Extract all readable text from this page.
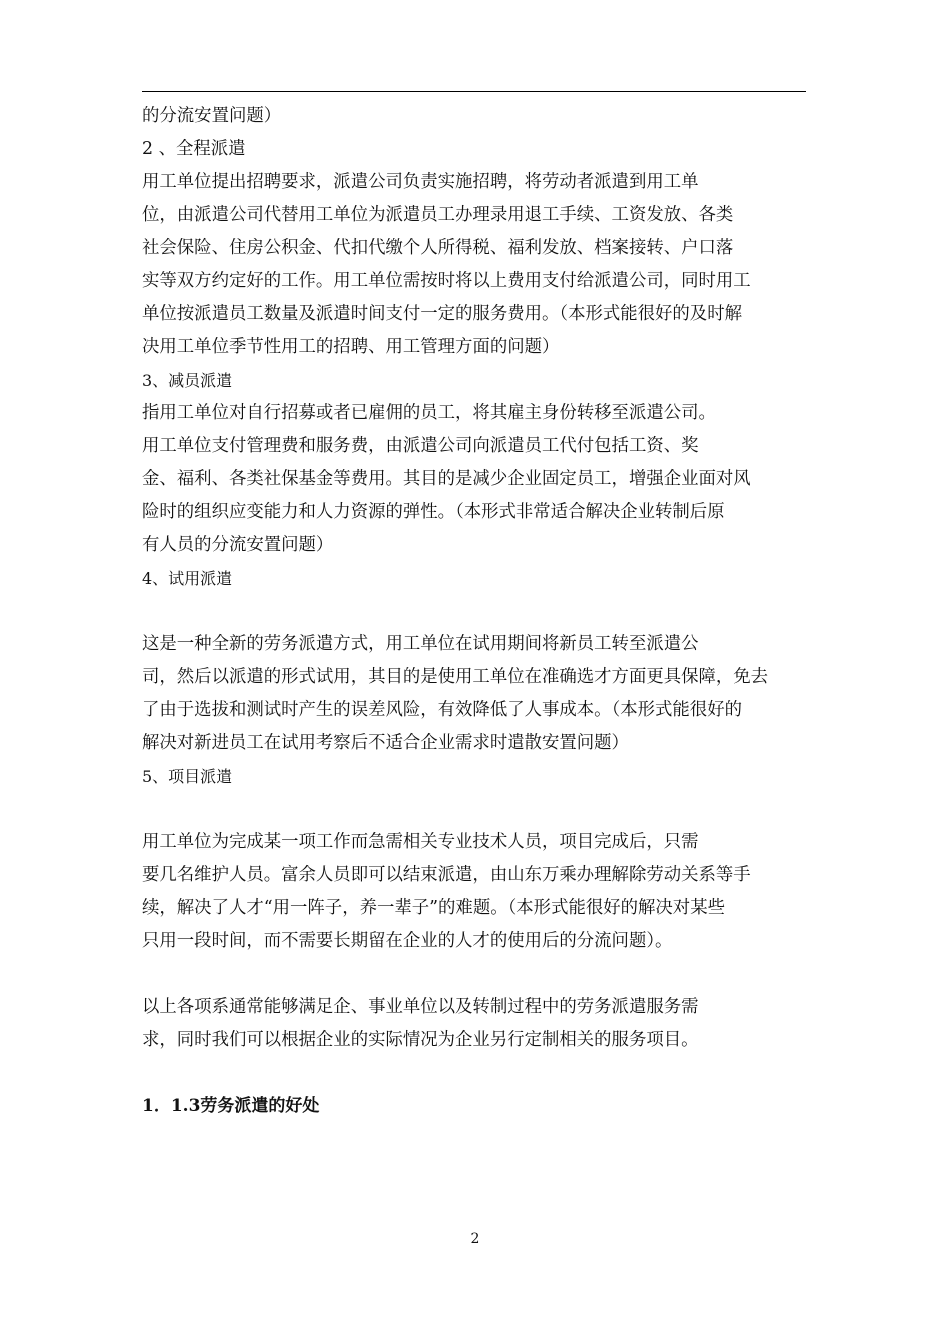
的分流安置问题）
2 、全程派遣
用工单位提出招聘要求，派遣公司负责实施招聘，将劳动者派遣到用工单
位，由派遣公司代替用工单位为派遣员工办理录用退工手续、工资发放、各类
社会保险、住房公积金、代扣代缴个人所得税、福利发放、档案接转、户口落
实等双方约定好的工作。用工单位需按时将以上费用支付给派遣公司，同时用工
单位按派遣员工数量及派遣时间支付一定的服务费用。（本形式能很好的及时解
决用工单位季节性用工的招聘、用工管理方面的问题）
3、减员派遣
指用工单位对自行招募或者已雇佣的员工，将其雇主身份转移至派遣公司。
用工单位支付管理费和服务费，由派遣公司向派遣员工代付包括工资、奖
金、福利、各类社保基金等费用。其目的是减少企业固定员工，增强企业面对风
险时的组织应变能力和人力资源的弹性。（本形式非常适合解决企业转制后原
有人员的分流安置问题）
4、试用派遣
这是一种全新的劳务派遣方式，用工单位在试用期间将新员工转至派遣公
司，然后以派遣的形式试用，其目的是使用工单位在准确选才方面更具保障，免去
了由于选拔和测试时产生的误差风险，有效降低了人事成本。（本形式能很好的
解决对新进员工在试用考察后不适合企业需求时遣散安置问题）
5、项目派遣
用工单位为完成某一项工作而急需相关专业技术人员，项目完成后，只需
要几名维护人员。富余人员即可以结束派遣，由山东万乘办理解除劳动关系等手
续，解决了人才“用一阵子，养一辈子”的难题。（本形式能很好的解决对某些
只用一段时间，而不需要长期留在企业的人才的使用后的分流问题）。
以上各项系通常能够满足企、事业单位以及转制过程中的劳务派遣服务需
求，同时我们可以根据企业的实际情况为企业另行定制相关的服务项目。
1．1.3劳务派遣的好处
2
